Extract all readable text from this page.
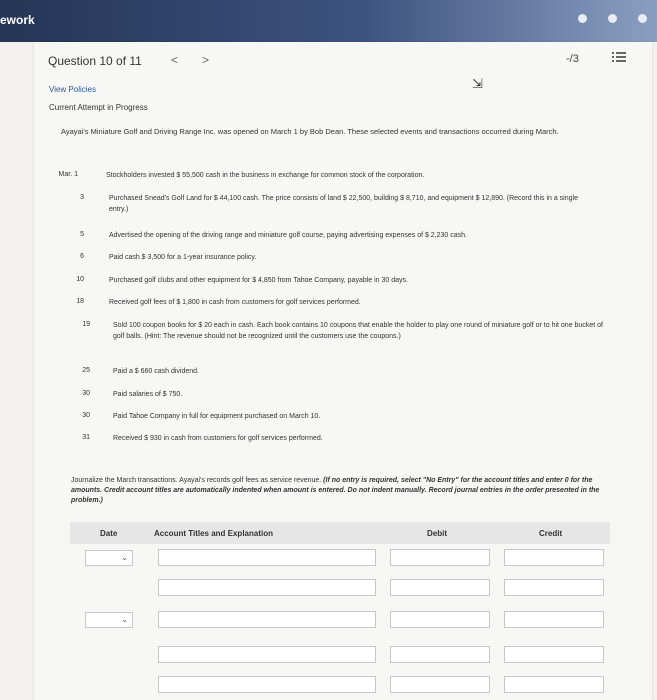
ework
Question 10 of 11 < >	-/3
⇲
View Policies
Current Attempt in Progress
Ayayai's Miniature Golf and Driving Range Inc. was opened on March 1 by Bob Dean. These selected events and transactions occurred during March.
Mar. 1	Stockholders invested $ 55,500 cash in the business in exchange for common stock of the corporation.
3	Purchased Snead's Golf Land for $ 44,100 cash. The price consists of land $ 22,500, building $ 8,710, and equipment $ 12,890. (Record this in a single entry.)
5	Advertised the opening of the driving range and miniature golf course, paying advertising expenses of $ 2,230 cash.
6	Paid cash $ 3,500 for a 1-year insurance policy.
10	Purchased golf clubs and other equipment for $ 4,850 from Tahoe Company, payable in 30 days.
18	Received golf fees of $ 1,800 in cash from customers for golf services performed.
19	Sold 100 coupon books for $ 20 each in cash. Each book contains 10 coupons that enable the holder to play one round of miniature golf or to hit one bucket of golf balls. (Hint: The revenue should not be recognized until the customers use the coupons.)
25	Paid a $ 660 cash dividend.
30	Paid salaries of $ 750.
30	Paid Tahoe Company in full for equipment purchased on March 10.
31	Received $ 930 in cash from customers for golf services performed.
Journalize the March transactions. Ayayai's records golf fees as service revenue. (If no entry is required, select "No Entry" for the account titles and enter 0 for the amounts. Credit account titles are automatically indented when amount is entered. Do not indent manually. Record journal entries in the order presented in the problem.)
Date	Account Titles and Explanation	Debit	Credit
⌄
⌄
